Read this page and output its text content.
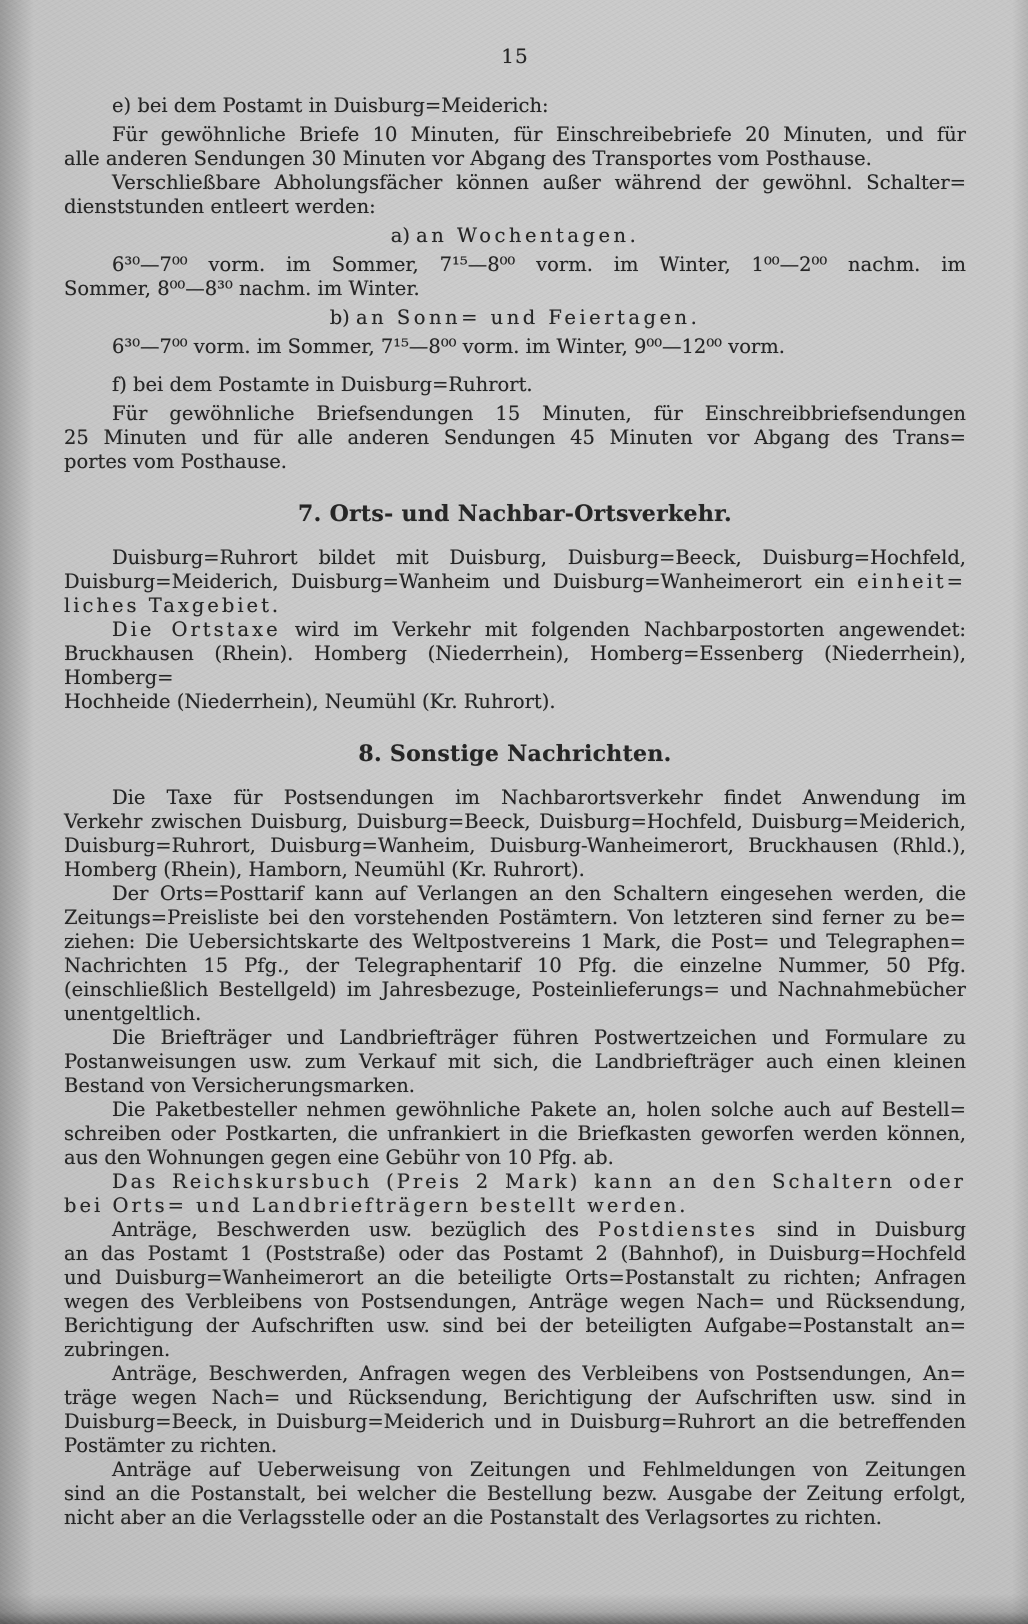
15
e) bei dem Postamt in Duisburg=Meiderich:
Für gewöhnliche Briefe 10 Minuten, für Einschreibebriefe 20 Minuten, und für
alle anderen Sendungen 30 Minuten vor Abgang des Transportes vom Posthause.
Verschließbare Abholungsfächer können außer während der gewöhnl. Schalter=
dienststunden entleert werden:
a) an Wochentagen.
6³⁰—7⁰⁰ vorm. im Sommer, 7¹⁵—8⁰⁰ vorm. im Winter, 1⁰⁰—2⁰⁰ nachm. im
Sommer, 8⁰⁰—8³⁰ nachm. im Winter.
b) an Sonn= und Feiertagen.
6³⁰—7⁰⁰ vorm. im Sommer, 7¹⁵—8⁰⁰ vorm. im Winter, 9⁰⁰—12⁰⁰ vorm.
f) bei dem Postamte in Duisburg=Ruhrort.
Für gewöhnliche Briefsendungen 15 Minuten, für Einschreibbriefsendungen
25 Minuten und für alle anderen Sendungen 45 Minuten vor Abgang des Trans=
portes vom Posthause.
7. Orts- und Nachbar-Ortsverkehr.
Duisburg=Ruhrort bildet mit Duisburg, Duisburg=Beeck, Duisburg=Hochfeld,
Duisburg=Meiderich, Duisburg=Wanheim und Duisburg=Wanheimerort ein einheit=
liches Taxgebiet.
Die Ortstaxe wird im Verkehr mit folgenden Nachbarpostorten angewendet:
Bruckhausen (Rhein). Homberg (Niederrhein), Homberg=Essenberg (Niederrhein), Homberg=
Hochheide (Niederrhein), Neumühl (Kr. Ruhrort).
8. Sonstige Nachrichten.
Die Taxe für Postsendungen im Nachbarortsverkehr findet Anwendung im
Verkehr zwischen Duisburg, Duisburg=Beeck, Duisburg=Hochfeld, Duisburg=Meiderich,
Duisburg=Ruhrort, Duisburg=Wanheim, Duisburg-Wanheimerort, Bruckhausen (Rhld.),
Homberg (Rhein), Hamborn, Neumühl (Kr. Ruhrort).
Der Orts=Posttarif kann auf Verlangen an den Schaltern eingesehen werden, die
Zeitungs=Preisliste bei den vorstehenden Postämtern. Von letzteren sind ferner zu be=
ziehen: Die Uebersichtskarte des Weltpostvereins 1 Mark, die Post= und Telegraphen=
Nachrichten 15 Pfg., der Telegraphentarif 10 Pfg. die einzelne Nummer, 50 Pfg.
(einschließlich Bestellgeld) im Jahresbezuge, Posteinlieferungs= und Nachnahmebücher
unentgeltlich.
Die Briefträger und Landbriefträger führen Postwertzeichen und Formulare zu
Postanweisungen usw. zum Verkauf mit sich, die Landbriefträger auch einen kleinen
Bestand von Versicherungsmarken.
Die Paketbesteller nehmen gewöhnliche Pakete an, holen solche auch auf Bestell=
schreiben oder Postkarten, die unfrankiert in die Briefkasten geworfen werden können,
aus den Wohnungen gegen eine Gebühr von 10 Pfg. ab.
Das Reichskursbuch (Preis 2 Mark) kann an den Schaltern oder
bei Orts= und Landbriefträgern bestellt werden.
Anträge, Beschwerden usw. bezüglich des Postdienstes sind in Duisburg
an das Postamt 1 (Poststraße) oder das Postamt 2 (Bahnhof), in Duisburg=Hochfeld
und Duisburg=Wanheimerort an die beteiligte Orts=Postanstalt zu richten; Anfragen
wegen des Verbleibens von Postsendungen, Anträge wegen Nach= und Rücksendung,
Berichtigung der Aufschriften usw. sind bei der beteiligten Aufgabe=Postanstalt an=
zubringen.
Anträge, Beschwerden, Anfragen wegen des Verbleibens von Postsendungen, An=
träge wegen Nach= und Rücksendung, Berichtigung der Aufschriften usw. sind in
Duisburg=Beeck, in Duisburg=Meiderich und in Duisburg=Ruhrort an die betreffenden
Postämter zu richten.
Anträge auf Ueberweisung von Zeitungen und Fehlmeldungen von Zeitungen
sind an die Postanstalt, bei welcher die Bestellung bezw. Ausgabe der Zeitung erfolgt,
nicht aber an die Verlagsstelle oder an die Postanstalt des Verlagsortes zu richten.
